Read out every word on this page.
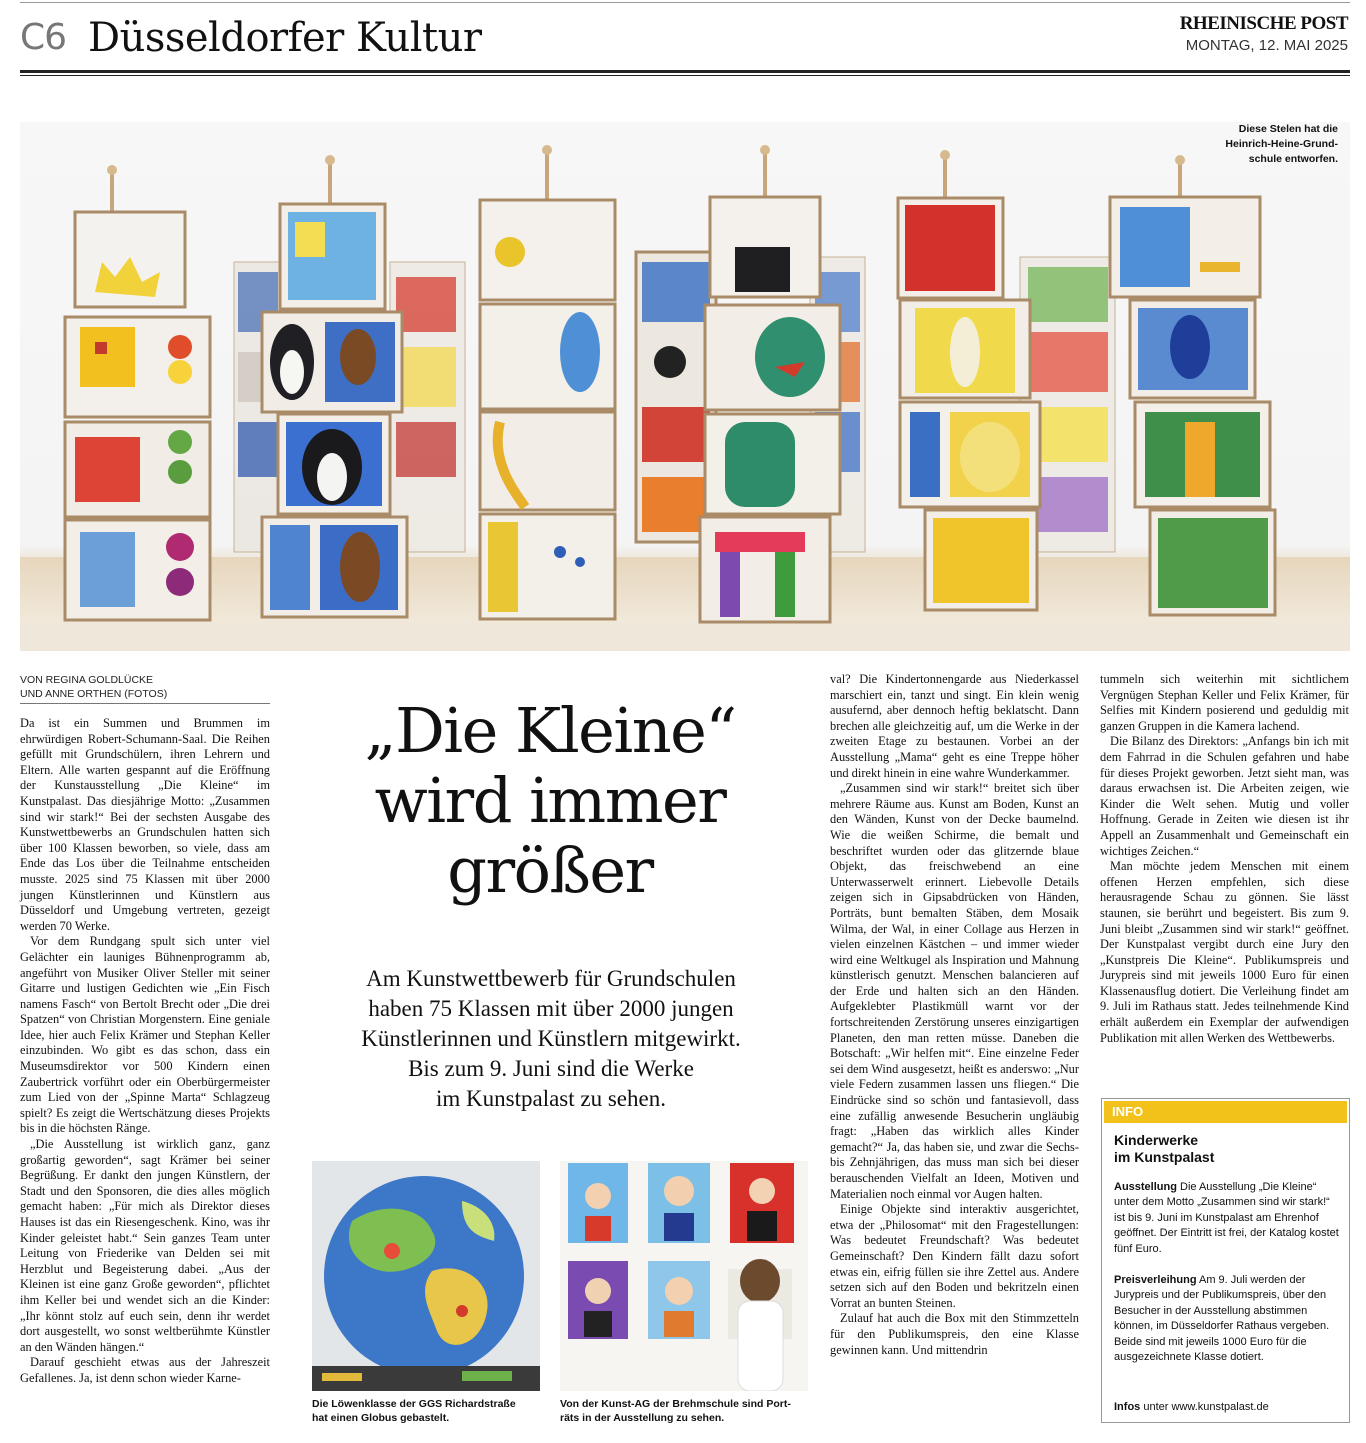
C6 Düsseldorfer Kultur	RHEINISCHE POST
MONTAG, 12. MAI 2025
Diese Stelen hat die
Heinrich-Heine-Grund-
schule entworfen.
VON REGINA GOLDLÜCKE
UND ANNE ORTHEN (FOTOS)

Da ist ein Summen und Brummen im ehrwürdigen Robert-Schumann-Saal. Die Reihen gefüllt mit Grundschülern, ihren Lehrern und Eltern. Alle warten gespannt auf die Eröffnung der Kunstausstellung „Die Kleine“ im Kunstpalast. Das diesjährige Motto: „Zusammen sind wir stark!“ Bei der sechsten Ausgabe des Kunstwettbewerbs an Grundschulen hatten sich über 100 Klassen beworben, so viele, dass am Ende das Los über die Teilnahme entscheiden musste. 2025 sind 75 Klassen mit über 2000 jungen Künstlerinnen und Künstlern aus Düsseldorf und Umgebung vertreten, gezeigt werden 70 Werke.

Vor dem Rundgang spult sich unter viel Gelächter ein launiges Bühnenprogramm ab, angeführt von Musiker Oliver Steller mit seiner Gitarre und lustigen Gedichten wie „Ein Fisch namens Fasch“ von Bertolt Brecht oder „Die drei Spatzen“ von Christian Morgenstern. Eine geniale Idee, hier auch Felix Krämer und Stephan Keller einzubinden. Wo gibt es das schon, dass ein Museumsdirektor vor 500 Kindern einen Zaubertrick vorführt oder ein Oberbürgermeister zum Lied von der „Spinne Marta“ Schlagzeug spielt? Es zeigt die Wertschätzung dieses Projekts bis in die höchsten Ränge.

„Die Ausstellung ist wirklich ganz, ganz großartig geworden“, sagt Krämer bei seiner Begrüßung. Er dankt den jungen Künstlern, der Stadt und den Sponsoren, die dies alles möglich gemacht haben: „Für mich als Direktor dieses Hauses ist das ein Riesengeschenk. Kino, was ihr Kinder geleistet habt.“ Sein ganzes Team unter Leitung von Friederike van Delden sei mit Herzblut und Begeisterung dabei. „Aus der Kleinen ist eine ganz Große geworden“, pflichtet ihm Keller bei und wendet sich an die Kinder: „Ihr könnt stolz auf euch sein, denn ihr werdet dort ausgestellt, wo sonst weltberühmte Künstler an den Wänden hängen.“

Darauf geschieht etwas aus der Jahreszeit Gefallenes. Ja, ist denn schon wieder Karne-

„Die Kleine“
wird immer
größer
Am Kunstwettbewerb für Grundschulen
haben 75 Klassen mit über 2000 jungen
Künstlerinnen und Künstlern mitgewirkt.
Bis zum 9. Juni sind die Werke
im Kunstpalast zu sehen.
Die Löwenklasse der GGS Richardstraße
hat einen Globus gebastelt.
Von der Kunst-AG der Brehmschule sind Port-
räts in der Ausstellung zu sehen.

val? Die Kindertonnengarde aus Niederkassel marschiert ein, tanzt und singt. Ein klein wenig ausufernd, aber dennoch heftig beklatscht. Dann brechen alle gleichzeitig auf, um die Werke in der zweiten Etage zu bestaunen. Vorbei an der Ausstellung „Mama“ geht es eine Treppe höher und direkt hinein in eine wahre Wunderkammer.

„Zusammen sind wir stark!“ breitet sich über mehrere Räume aus. Kunst am Boden, Kunst an den Wänden, Kunst von der Decke baumelnd. Wie die weißen Schirme, die bemalt und beschriftet wurden oder das glitzernde blaue Objekt, das freischwebend an eine Unterwasserwelt erinnert. Liebevolle Details zeigen sich in Gipsabdrücken von Händen, Porträts, bunt bemalten Stäben, dem Mosaik Wilma, der Wal, in einer Collage aus Herzen in vielen einzelnen Kästchen – und immer wieder wird eine Weltkugel als Inspiration und Mahnung künstlerisch genutzt. Menschen balancieren auf der Erde und halten sich an den Händen. Aufgeklebter Plastikmüll warnt vor der fortschreitenden Zerstörung unseres einzigartigen Planeten, den man retten müsse. Daneben die Botschaft: „Wir helfen mit“. Eine einzelne Feder sei dem Wind ausgesetzt, heißt es anderswo: „Nur viele Federn zusammen lassen uns fliegen.“ Die Eindrücke sind so schön und fantasievoll, dass eine zufällig anwesende Besucherin ungläubig fragt: „Haben das wirklich alles Kinder gemacht?“ Ja, das haben sie, und zwar die Sechs- bis Zehnjährigen, das muss man sich bei dieser berauschenden Vielfalt an Ideen, Motiven und Materialien noch einmal vor Augen halten.

Einige Objekte sind interaktiv ausgerichtet, etwa der „Philosomat“ mit den Fragestellungen: Was bedeutet Freundschaft? Was bedeutet Gemeinschaft? Den Kindern fällt dazu sofort etwas ein, eifrig füllen sie ihre Zettel aus. Andere setzen sich auf den Boden und bekritzeln einen Vorrat an bunten Steinen.

Zulauf hat auch die Box mit den Stimmzetteln für den Publikumspreis, den eine Klasse gewinnen kann. Und mittendrin

tummeln sich weiterhin mit sichtlichem Vergnügen Stephan Keller und Felix Krämer, für Selfies mit Kindern posierend und geduldig mit ganzen Gruppen in die Kamera lachend.

Die Bilanz des Direktors: „Anfangs bin ich mit dem Fahrrad in die Schulen gefahren und habe für dieses Projekt geworben. Jetzt sieht man, was daraus erwachsen ist. Die Arbeiten zeigen, wie Kinder die Welt sehen. Mutig und voller Hoffnung. Gerade in Zeiten wie diesen ist ihr Appell an Zusammenhalt und Gemeinschaft ein wichtiges Zeichen.“

Man möchte jedem Menschen mit einem offenen Herzen empfehlen, sich diese herausragende Schau zu gönnen. Sie lässt staunen, sie berührt und begeistert. Bis zum 9. Juni bleibt „Zusammen sind wir stark!“ geöffnet. Der Kunstpalast vergibt durch eine Jury den „Kunstpreis Die Kleine“. Publikumspreis und Jurypreis sind mit jeweils 1000 Euro für einen Klassenausflug dotiert. Die Verleihung findet am 9. Juli im Rathaus statt. Jedes teilnehmende Kind erhält außerdem ein Exemplar der aufwendigen Publikation mit allen Werken des Wettbewerbs.

INFO
Kinderwerke
im Kunstpalast
Ausstellung Die Ausstellung „Die Kleine“ unter dem Motto „Zusammen sind wir stark!“ ist bis 9. Juni im Kunstpalast am Ehrenhof geöffnet. Der Eintritt ist frei, der Katalog kostet fünf Euro.
Preisverleihung Am 9. Juli werden der Jurypreis und der Publikumspreis, über den Besucher in der Ausstellung abstimmen können, im Düsseldorfer Rathaus vergeben. Beide sind mit jeweils 1000 Euro für die ausgezeichnete Klasse dotiert.
Infos unter www.kunstpalast.de
